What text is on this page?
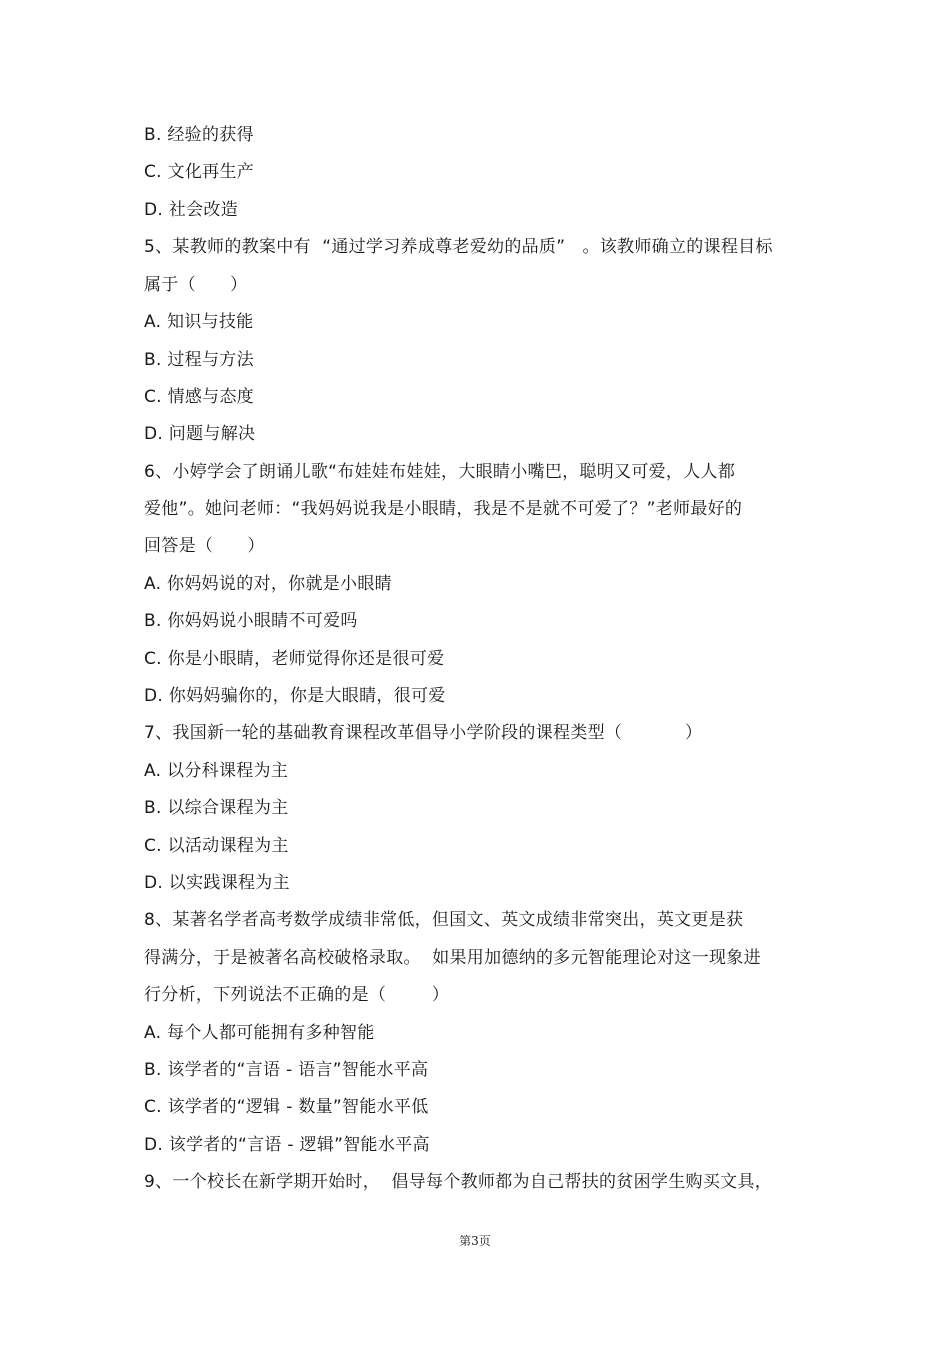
B. 经验的获得
C. 文化再生产
D. 社会改造
5、某教师的教案中有  “通过学习养成尊老爱幼的品质”   。该教师确立的课程目标
属于（      ）
A. 知识与技能
B. 过程与方法
C. 情感与态度
D. 问题与解决
6、小婷学会了朗诵儿歌“布娃娃布娃娃，大眼睛小嘴巴，聪明又可爱，人人都
爱他”。她问老师：“我妈妈说我是小眼睛，我是不是就不可爱了？”老师最好的
回答是（      ）
A. 你妈妈说的对，你就是小眼睛
B. 你妈妈说小眼睛不可爱吗
C. 你是小眼睛，老师觉得你还是很可爱
D. 你妈妈骗你的，你是大眼睛，很可爱
7、我国新一轮的基础教育课程改革倡导小学阶段的课程类型（           ）
A. 以分科课程为主
B. 以综合课程为主
C. 以活动课程为主
D. 以实践课程为主
8、某著名学者高考数学成绩非常低，但国文、英文成绩非常突出，英文更是获
得满分，于是被著名高校破格录取。  如果用加德纳的多元智能理论对这一现象进
行分析，下列说法不正确的是（        ）
A. 每个人都可能拥有多种智能
B. 该学者的“言语 - 语言”智能水平高
C. 该学者的“逻辑 - 数量”智能水平低
D. 该学者的“言语 - 逻辑”智能水平高
9、一个校长在新学期开始时，  倡导每个教师都为自己帮扶的贫困学生购买文具，
第3页
